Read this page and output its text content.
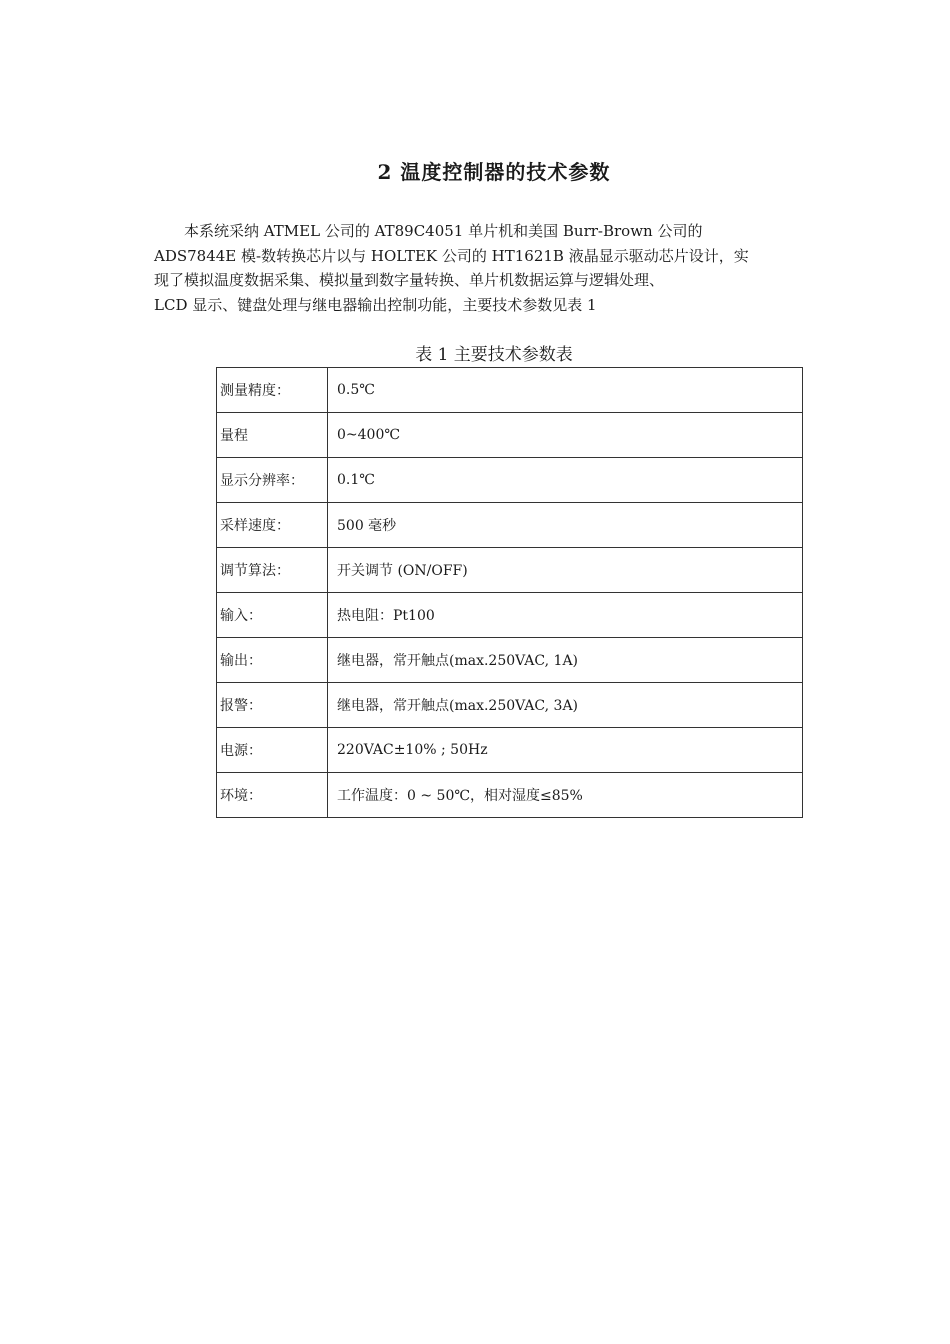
2 温度控制器的技术参数

本系统采纳 ATMEL 公司的 AT89C4051 单片机和美国 Burr-Brown 公司的
ADS7844E 模-数转换芯片以与 HOLTEK 公司的 HT1621B 液晶显示驱动芯片设计，实
现了模拟温度数据采集、模拟量到数字量转换、单片机数据运算与逻辑处理、
LCD 显示、键盘处理与继电器输出控制功能，主要技术参数见表 1

表 1 主要技术参数表
测量精度：	0.5℃
量程	0~400℃
显示分辨率：	0.1℃
采样速度：	500 毫秒
调节算法：	开关调节 (ON/OFF)
输入：	热电阻：Pt100
输出：	继电器，常开触点(max.250VAC, 1A)
报警：	继电器，常开触点(max.250VAC, 3A)
电源：	220VAC±10% ; 50Hz
环境：	工作温度：0 ~ 50℃，相对湿度≤85%
